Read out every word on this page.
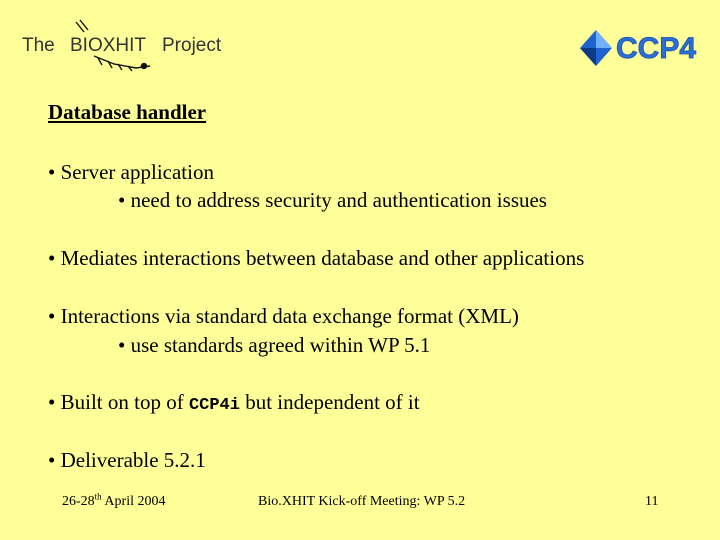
The BIOXHIT Project	CCP4
Database handler
• Server application
• need to address security and authentication issues
• Mediates interactions between database and other applications
• Interactions via standard data exchange format (XML)
• use standards agreed within WP 5.1
• Built on top of CCP4i but independent of it
• Deliverable 5.2.1
26-28th April 2004	Bio.XHIT Kick-off Meeting: WP 5.2	11
